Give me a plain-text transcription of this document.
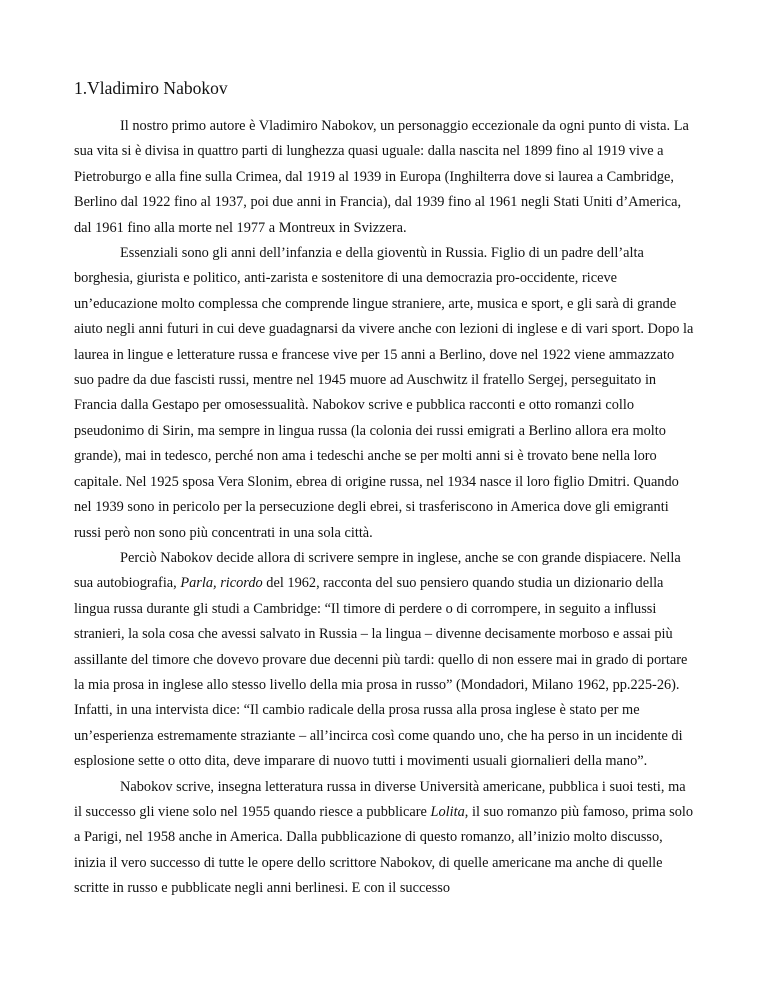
1.Vladimiro Nabokov

Il nostro primo autore è Vladimiro Nabokov, un personaggio eccezionale da ogni punto di vista. La sua vita si è divisa in quattro parti di lunghezza quasi uguale: dalla nascita nel 1899 fino al 1919 vive a Pietroburgo e alla fine sulla Crimea, dal 1919 al 1939 in Europa (Inghilterra dove si laurea a Cambridge, Berlino dal 1922 fino al 1937, poi due anni in Francia), dal 1939 fino al 1961 negli Stati Uniti d’America, dal 1961 fino alla morte nel 1977 a Montreux in Svizzera.

Essenziali sono gli anni dell’infanzia e della gioventù in Russia. Figlio di un padre dell’alta borghesia, giurista e politico, anti-zarista e sostenitore di una democrazia pro-occidente, riceve un’educazione molto complessa che comprende lingue straniere, arte, musica e sport, e gli sarà di grande aiuto negli anni futuri in cui deve guadagnarsi da vivere anche con lezioni di inglese e di vari sport. Dopo la laurea in lingue e letterature russa e francese vive per 15 anni a Berlino, dove nel 1922 viene ammazzato suo padre da due fascisti russi, mentre nel 1945 muore ad Auschwitz il fratello Sergej, perseguitato in Francia dalla Gestapo per omosessualità. Nabokov scrive e pubblica racconti e otto romanzi collo pseudonimo di Sirin, ma sempre in lingua russa (la colonia dei russi emigrati a Berlino allora era molto grande), mai in tedesco, perché non ama i tedeschi anche se per molti anni si è trovato bene nella loro capitale. Nel 1925 sposa Vera Slonim, ebrea di origine russa, nel 1934 nasce il loro figlio Dmitri. Quando nel 1939 sono in pericolo per la persecuzione degli ebrei, si trasferiscono in America dove gli emigranti russi però non sono più concentrati in una sola città.

Perciò Nabokov decide allora di scrivere sempre in inglese, anche se con grande dispiacere. Nella sua autobiografia, Parla, ricordo del 1962, racconta del suo pensiero quando studia un dizionario della lingua russa durante gli studi a Cambridge: “Il timore di perdere o di corrompere, in seguito a influssi stranieri, la sola cosa che avessi salvato in Russia – la lingua – divenne decisamente morboso e assai più assillante del timore che dovevo provare due decenni più tardi: quello di non essere mai in grado di portare la mia prosa in inglese allo stesso livello della mia prosa in russo” (Mondadori, Milano 1962, pp.225-26). Infatti, in una intervista dice: “Il cambio radicale della prosa russa alla prosa inglese è stato per me un’esperienza estremamente straziante – all’incirca così come quando uno, che ha perso in un incidente di esplosione sette o otto dita, deve imparare di nuovo tutti i movimenti usuali giornalieri della mano”.

Nabokov scrive, insegna letteratura russa in diverse Università americane, pubblica i suoi testi, ma il successo gli viene solo nel 1955 quando riesce a pubblicare Lolita, il suo romanzo più famoso, prima solo a Parigi, nel 1958 anche in America. Dalla pubblicazione di questo romanzo, all’inizio molto discusso, inizia il vero successo di tutte le opere dello scrittore Nabokov, di quelle americane ma anche di quelle scritte in russo e pubblicate negli anni berlinesi. E con il successo
